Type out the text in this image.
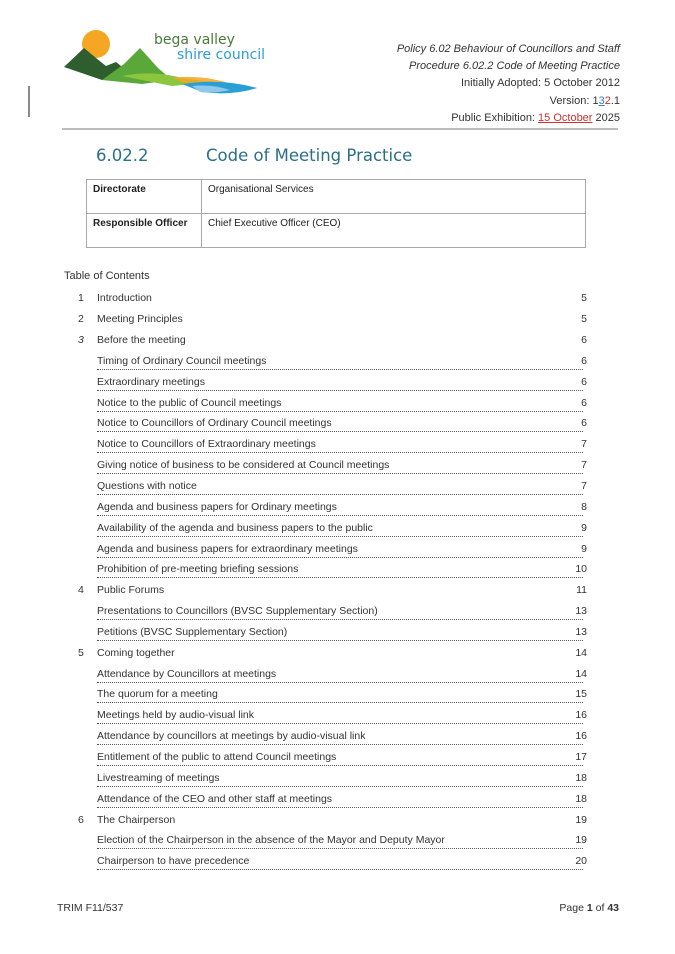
bega valley
shire council	Policy 6.02 Behaviour of Councillors and Staff
Procedure 6.02.2 Code of Meeting Practice
Initially Adopted: 5 October 2012
Version: 132.1
Public Exhibition: 15 October 2025
6.02.2	Code of Meeting Practice
Directorate	Organisational Services
Responsible Officer	Chief Executive Officer (CEO)
Table of Contents
1	Introduction	5
2	Meeting Principles	5
3	Before the meeting	6
Timing of Ordinary Council meetings	6
Extraordinary meetings	6
Notice to the public of Council meetings	6
Notice to Councillors of Ordinary Council meetings	6
Notice to Councillors of Extraordinary meetings	7
Giving notice of business to be considered at Council meetings	7
Questions with notice	7
Agenda and business papers for Ordinary meetings	8
Availability of the agenda and business papers to the public	9
Agenda and business papers for extraordinary meetings	9
Prohibition of pre-meeting briefing sessions	10
4	Public Forums	11
Presentations to Councillors (BVSC Supplementary Section)	13
Petitions (BVSC Supplementary Section)	13
5	Coming together	14
Attendance by Councillors at meetings	14
The quorum for a meeting	15
Meetings held by audio-visual link	16
Attendance by councillors at meetings by audio-visual link	16
Entitlement of the public to attend Council meetings	17
Livestreaming of meetings	18
Attendance of the CEO and other staff at meetings	18
6	The Chairperson	19
Election of the Chairperson in the absence of the Mayor and Deputy Mayor	19
Chairperson to have precedence	20
TRIM F11/537	Page 1 of 43
